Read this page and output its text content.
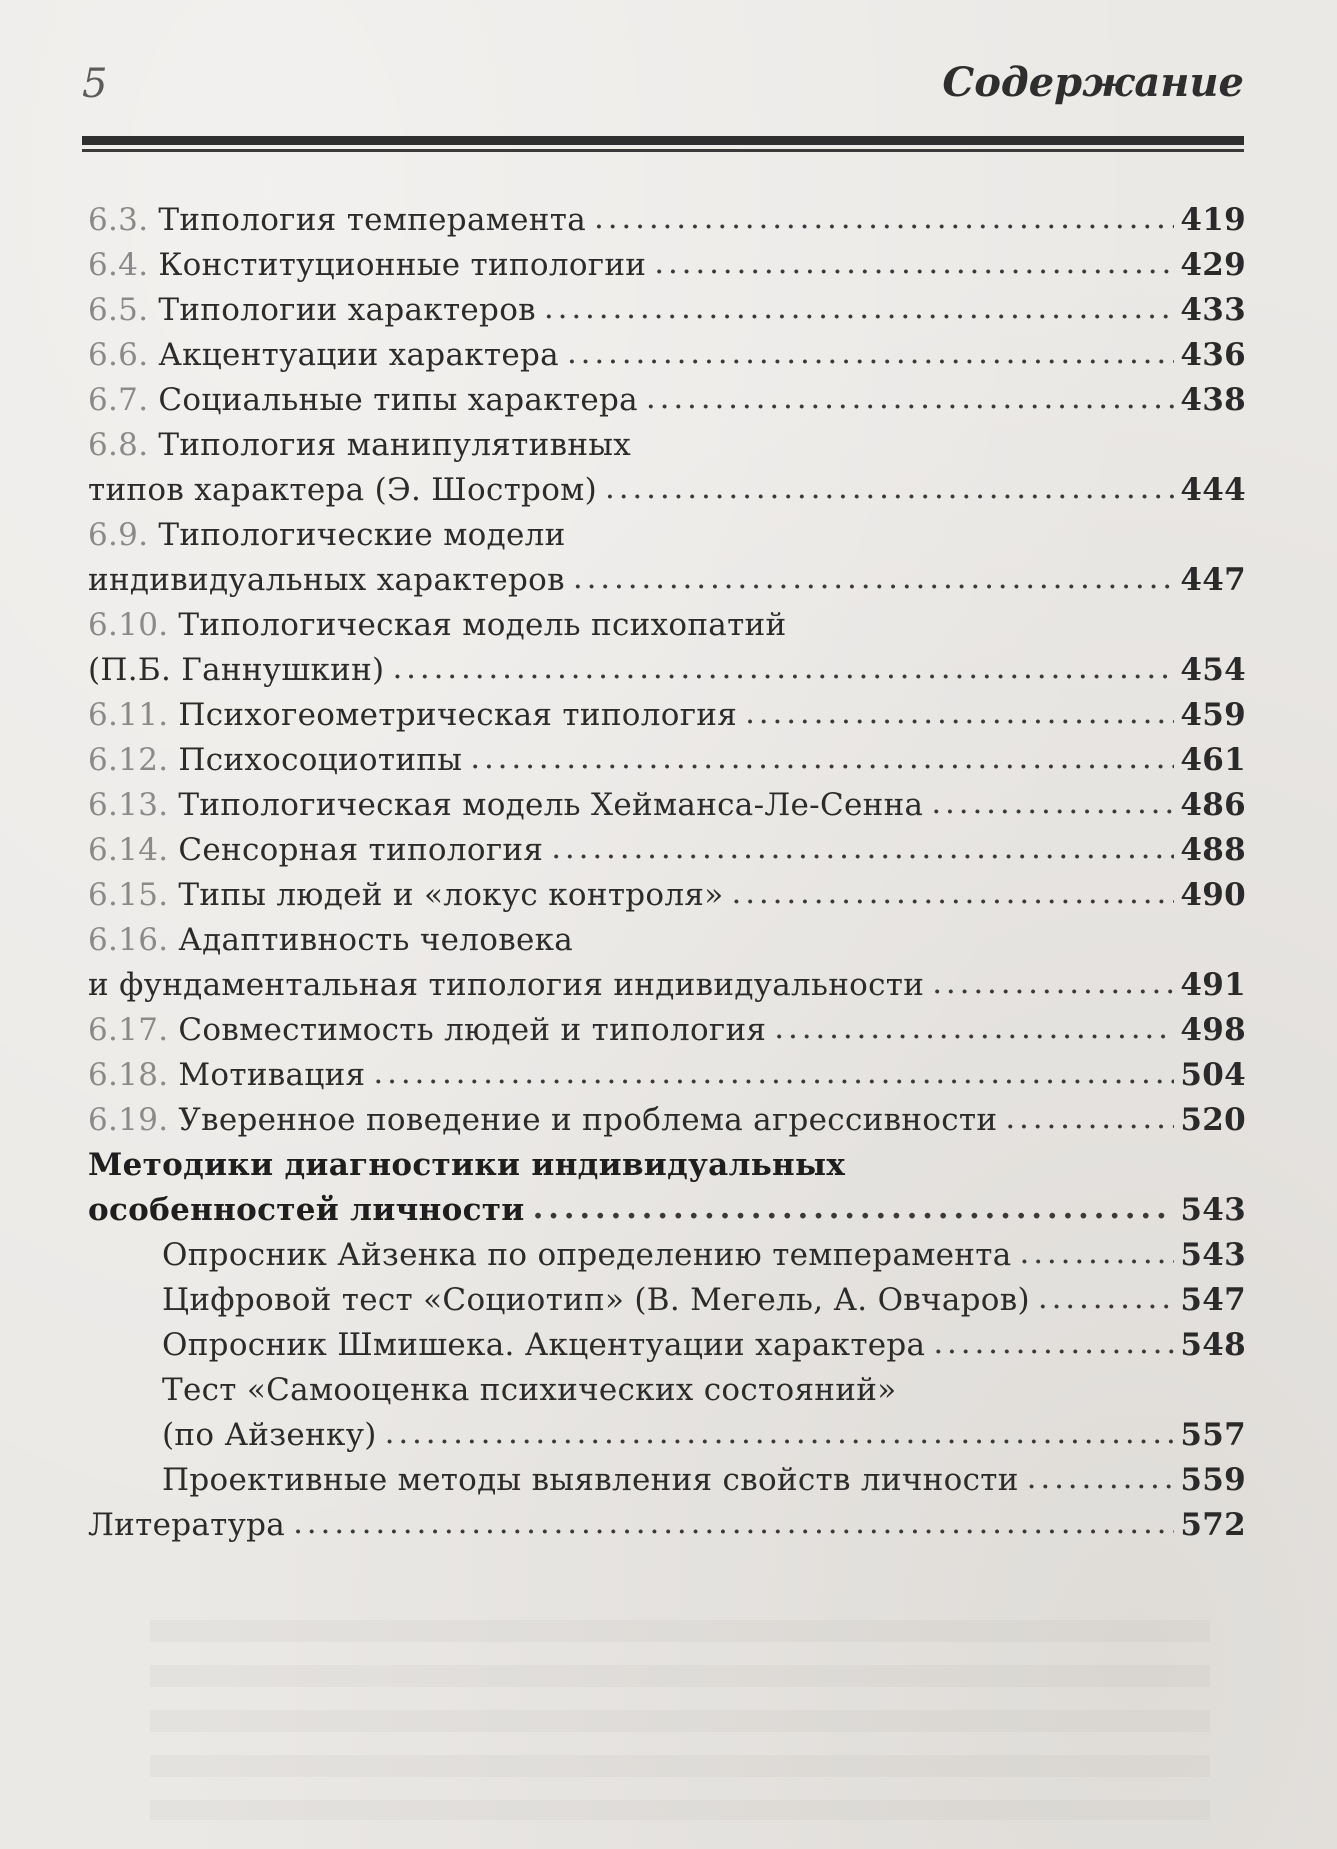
5	Содержание
6.3. Типология темперамента . . .	419
6.4. Конституционные типологии . . .	429
6.5. Типологии характеров . . .	433
6.6. Акцентуации характера . . .	436
6.7. Социальные типы характера . . .	438
6.8. Типология манипулятивных
типов характера (Э. Шостром) . . .	444
6.9. Типологические модели
индивидуальных характеров . . .	447
6.10. Типологическая модель психопатий
(П.Б. Ганнушкин) . . .	454
6.11. Психогеометрическая типология . . .	459
6.12. Психосоциотипы . . .	461
6.13. Типологическая модель Хейманса-Ле-Сенна . . .	486
6.14. Сенсорная типология . . .	488
6.15. Типы людей и «локус контроля» . . .	490
6.16. Адаптивность человека
и фундаментальная типология индивидуальности . . .	491
6.17. Совместимость людей и типология . . .	498
6.18. Мотивация . . .	504
6.19. Уверенное поведение и проблема агрессивности . . .	520
Методики диагностики индивидуальных
особенностей личности . . .	543
Опросник Айзенка по определению темперамента . . .	543
Цифровой тест «Социотип» (В. Мегель, А. Овчаров) . . .	547
Опросник Шмишека. Акцентуации характера . . .	548
Тест «Самооценка психических состояний»
(по Айзенку) . . .	557
Проективные методы выявления свойств личности . . .	559
Литература . . .	572
